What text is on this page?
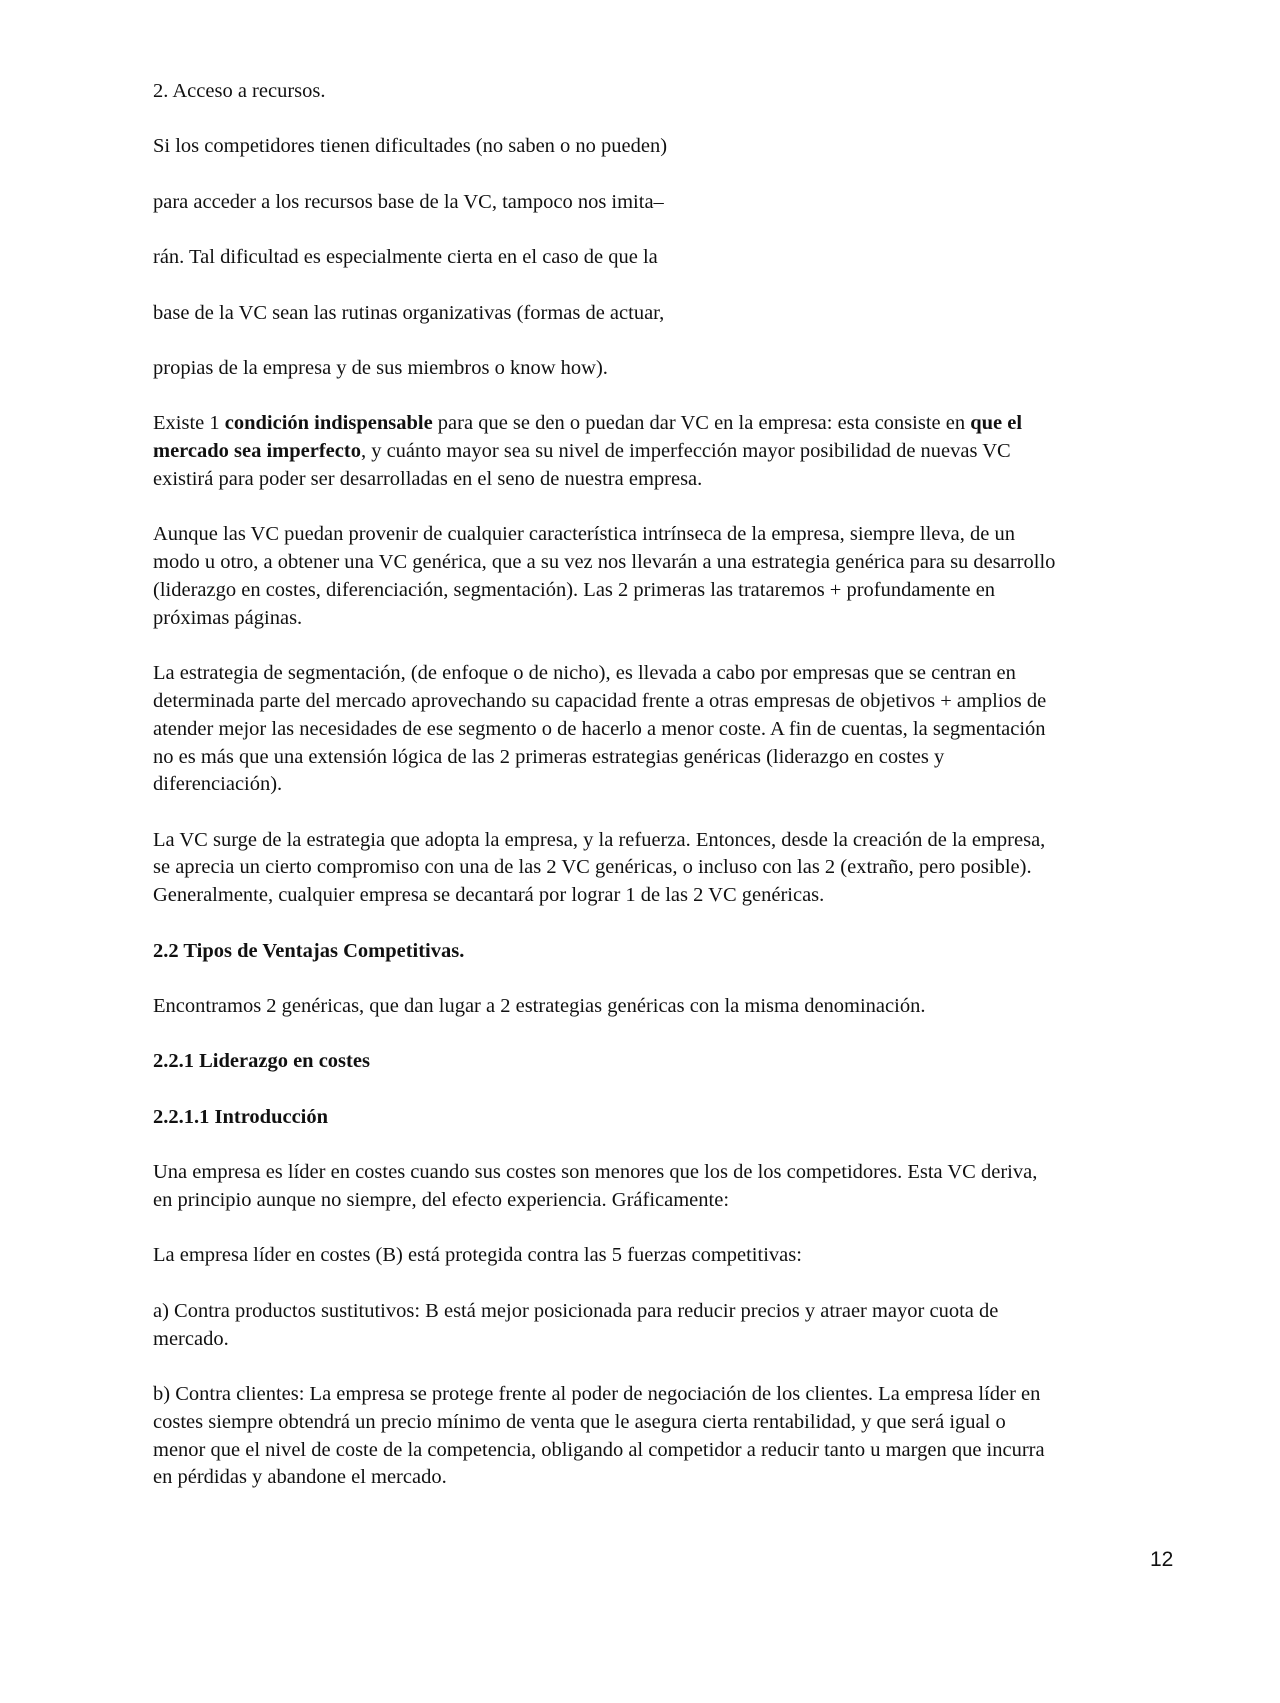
2. Acceso a recursos.
Si los competidores tienen dificultades (no saben o no pueden)
para acceder a los recursos base de la VC, tampoco nos imita–
rán. Tal dificultad es especialmente cierta en el caso de que la
base de la VC sean las rutinas organizativas (formas de actuar,
propias de la empresa y de sus miembros o know how).

Existe 1 condición indispensable para que se den o puedan dar VC en la empresa: esta consiste en que el
mercado sea imperfecto, y cuánto mayor sea su nivel de imperfección mayor posibilidad de nuevas VC
existirá para poder ser desarrolladas en el seno de nuestra empresa.

Aunque las VC puedan provenir de cualquier característica intrínseca de la empresa, siempre lleva, de un
modo u otro, a obtener una VC genérica, que a su vez nos llevarán a una estrategia genérica para su desarrollo
(liderazgo en costes, diferenciación, segmentación). Las 2 primeras las trataremos + profundamente en
próximas páginas.

La estrategia de segmentación, (de enfoque o de nicho), es llevada a cabo por empresas que se centran en
determinada parte del mercado aprovechando su capacidad frente a otras empresas de objetivos + amplios de
atender mejor las necesidades de ese segmento o de hacerlo a menor coste. A fin de cuentas, la segmentación
no es más que una extensión lógica de las 2 primeras estrategias genéricas (liderazgo en costes y
diferenciación).

La VC surge de la estrategia que adopta la empresa, y la refuerza. Entonces, desde la creación de la empresa,
se aprecia un cierto compromiso con una de las 2 VC genéricas, o incluso con las 2 (extraño, pero posible).
Generalmente, cualquier empresa se decantará por lograr 1 de las 2 VC genéricas.

2.2 Tipos de Ventajas Competitivas.

Encontramos 2 genéricas, que dan lugar a 2 estrategias genéricas con la misma denominación.

2.2.1 Liderazgo en costes

2.2.1.1 Introducción

Una empresa es líder en costes cuando sus costes son menores que los de los competidores. Esta VC deriva,
en principio aunque no siempre, del efecto experiencia. Gráficamente:

La empresa líder en costes (B) está protegida contra las 5 fuerzas competitivas:

a) Contra productos sustitutivos: B está mejor posicionada para reducir precios y atraer mayor cuota de
mercado.

b) Contra clientes: La empresa se protege frente al poder de negociación de los clientes. La empresa líder en
costes siempre obtendrá un precio mínimo de venta que le asegura cierta rentabilidad, y que será igual o
menor que el nivel de coste de la competencia, obligando al competidor a reducir tanto u margen que incurra
en pérdidas y abandone el mercado.

12
